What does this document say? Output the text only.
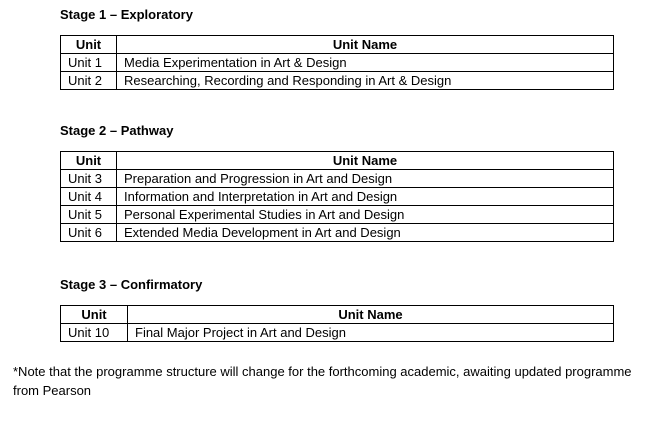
Stage 1 – Exploratory
Unit	Unit Name
Unit 1	Media Experimentation in Art & Design
Unit 2	Researching, Recording and Responding in Art & Design
Stage 2 – Pathway
Unit	Unit Name
Unit 3	Preparation and Progression in Art and Design
Unit 4	Information and Interpretation in Art and Design
Unit 5	Personal Experimental Studies in Art and Design
Unit 6	Extended Media Development in Art and Design
Stage 3 – Confirmatory
Unit	Unit Name
Unit 10	Final Major Project in Art and Design
*Note that the programme structure will change for the forthcoming academic, awaiting updated programme from Pearson
